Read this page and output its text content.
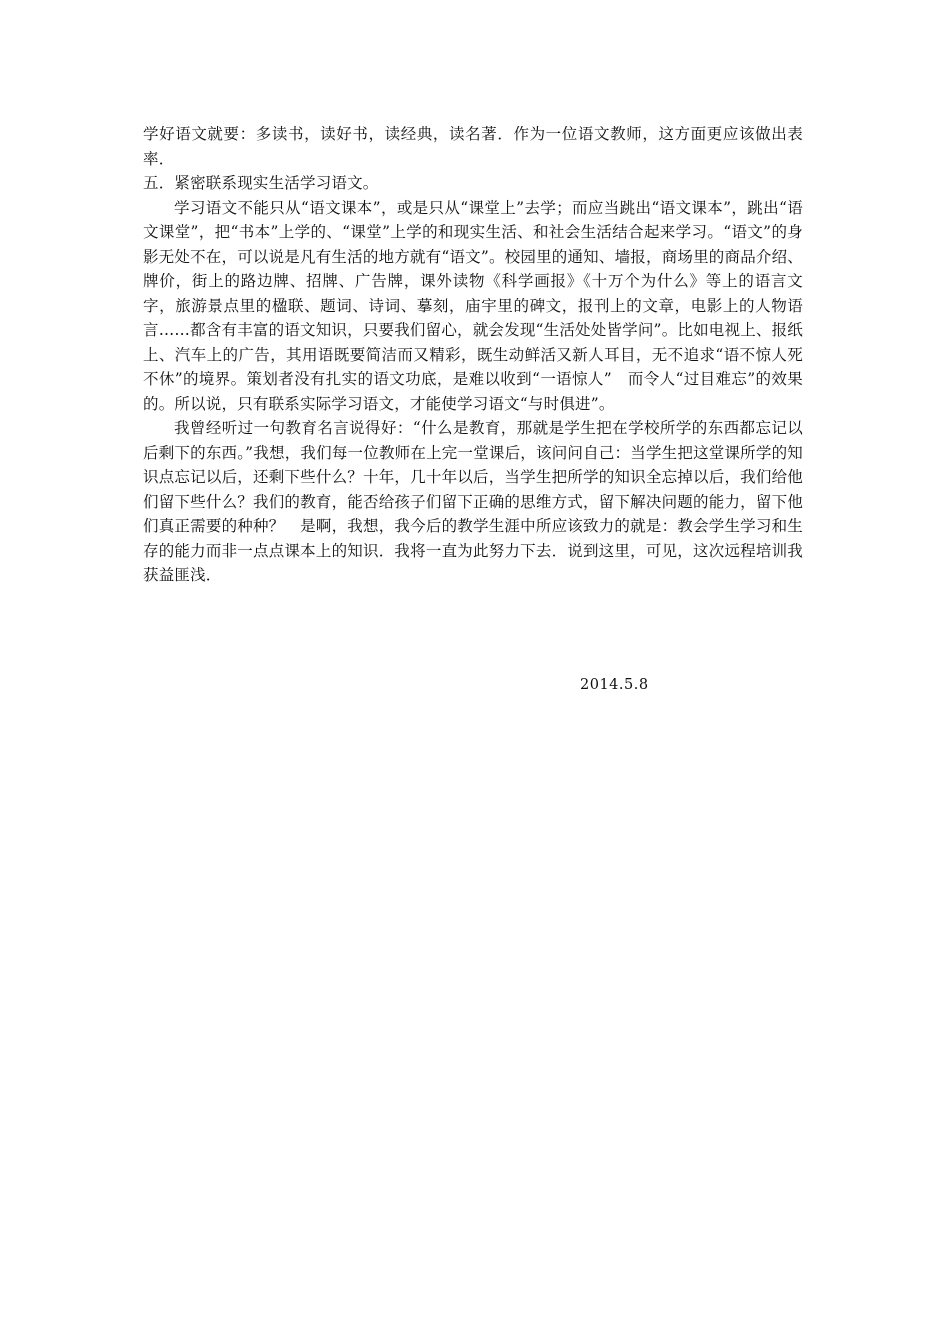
学好语文就要：多读书，读好书，读经典，读名著．作为一位语文教师，这方面更应该做出表率．

五．紧密联系现实生活学习语文。

学习语文不能只从“语文课本”，或是只从“课堂上”去学；而应当跳出“语文课本”，跳出“语文课堂”，把“书本”上学的、“课堂”上学的和现实生活、和社会生活结合起来学习。“语文”的身影无处不在，可以说是凡有生活的地方就有“语文”。校园里的通知、墙报，商场里的商品介绍、牌价，街上的路边牌、招牌、广告牌，课外读物《科学画报》《十万个为什么》等上的语言文字，旅游景点里的楹联、题词、诗词、摹刻，庙宇里的碑文，报刊上的文章，电影上的人物语言……都含有丰富的语文知识，只要我们留心，就会发现“生活处处皆学问”。比如电视上、报纸上、汽车上的广告，其用语既要简洁而又精彩，既生动鲜活又新人耳目，无不追求“语不惊人死不休”的境界。策划者没有扎实的语文功底，是难以收到“一语惊人”　而令人“过目难忘”的效果的。所以说，只有联系实际学习语文，才能使学习语文“与时俱进”。

我曾经听过一句教育名言说得好：“什么是教育，那就是学生把在学校所学的东西都忘记以后剩下的东西。”我想，我们每一位教师在上完一堂课后，该问问自己：当学生把这堂课所学的知识点忘记以后，还剩下些什么？十年，几十年以后，当学生把所学的知识全忘掉以后，我们给他们留下些什么？我们的教育，能否给孩子们留下正确的思维方式，留下解决问题的能力，留下他们真正需要的种种？　是啊，我想，我今后的教学生涯中所应该致力的就是：教会学生学习和生存的能力而非一点点课本上的知识．我将一直为此努力下去．说到这里，可见，这次远程培训我获益匪浅．

2014.5.8
